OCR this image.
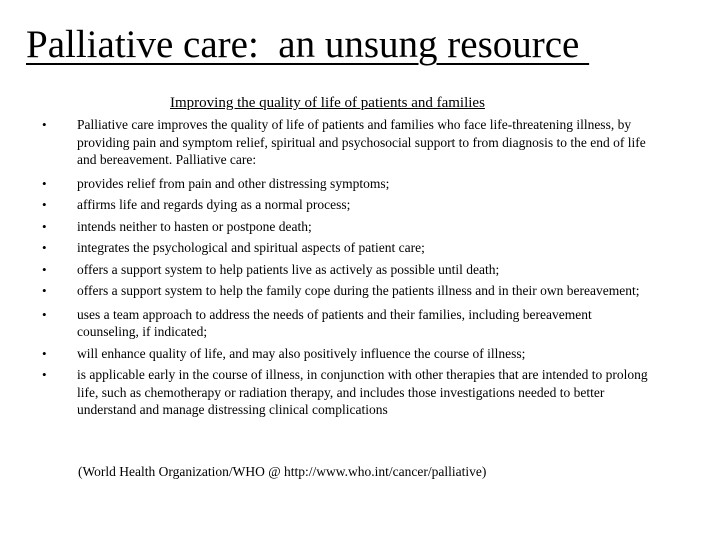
Palliative care:  an unsung resource
Improving the quality of life of patients and families
• Palliative care improves the quality of life of patients and families who face life-threatening illness, by providing pain and symptom relief, spiritual and psychosocial support to from diagnosis to the end of life and bereavement. Palliative care:
• provides relief from pain and other distressing symptoms;
• affirms life and regards dying as a normal process;
• intends neither to hasten or postpone death;
• integrates the psychological and spiritual aspects of patient care;
• offers a support system to help patients live as actively as possible until death;
• offers a support system to help the family cope during the patients illness and in their own bereavement;
• uses a team approach to address the needs of patients and their families, including bereavement counseling, if indicated;
• will enhance quality of life, and may also positively influence the course of illness;
• is applicable early in the course of illness, in conjunction with other therapies that are intended to prolong life, such as chemotherapy or radiation therapy, and includes those investigations needed to better understand and manage distressing clinical complications

(World Health Organization/WHO @ http://www.who.int/cancer/palliative)
